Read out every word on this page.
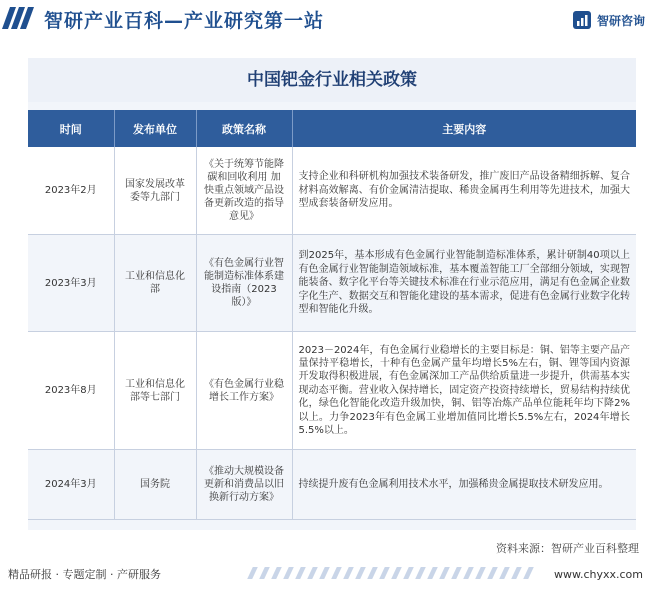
智研产业百科—产业研究第一站	智研咨询
中国钯金行业相关政策
时间	发布单位	政策名称	主要内容
2023年2月	国家发展改革委等九部门	《关于统筹节能降碳和回收利用 加快重点领域产品设备更新改造的指导意见》	支持企业和科研机构加强技术装备研发，推广废旧产品设备精细拆解、复合材料高效解离、有价金属清洁提取、稀贵金属再生利用等先进技术，加强大型成套装备研发应用。
2023年3月	工业和信息化部	《有色金属行业智能制造标准体系建设指南（2023版）》	到2025年，基本形成有色金属行业智能制造标准体系，累计研制40项以上有色金属行业智能制造领域标准，基本覆盖智能工厂全部细分领域，实现智能装备、数字化平台等关键技术标准在行业示范应用，满足有色金属企业数字化生产、数据交互和智能化建设的基本需求，促进有色金属行业数字化转型和智能化升级。
2023年8月	工业和信息化部等七部门	《有色金属行业稳增长工作方案》	2023－2024年，有色金属行业稳增长的主要目标是：铜、铝等主要产品产量保持平稳增长，十种有色金属产量年均增长5%左右，铜、锂等国内资源开发取得积极进展，有色金属深加工产品供给质量进一步提升，供需基本实现动态平衡。营业收入保持增长，固定资产投资持续增长，贸易结构持续优化，绿色化智能化改造升级加快，铜、铝等冶炼产品单位能耗年均下降2%以上。力争2023年有色金属工业增加值同比增长5.5%左右，2024年增长5.5%以上。
2024年3月	国务院	《推动大规模设备更新和消费品以旧换新行动方案》	持续提升废有色金属利用技术水平，加强稀贵金属提取技术研发应用。
资料来源：智研产业百科整理
精品研报 · 专题定制 · 产研服务	www.chyxx.com
